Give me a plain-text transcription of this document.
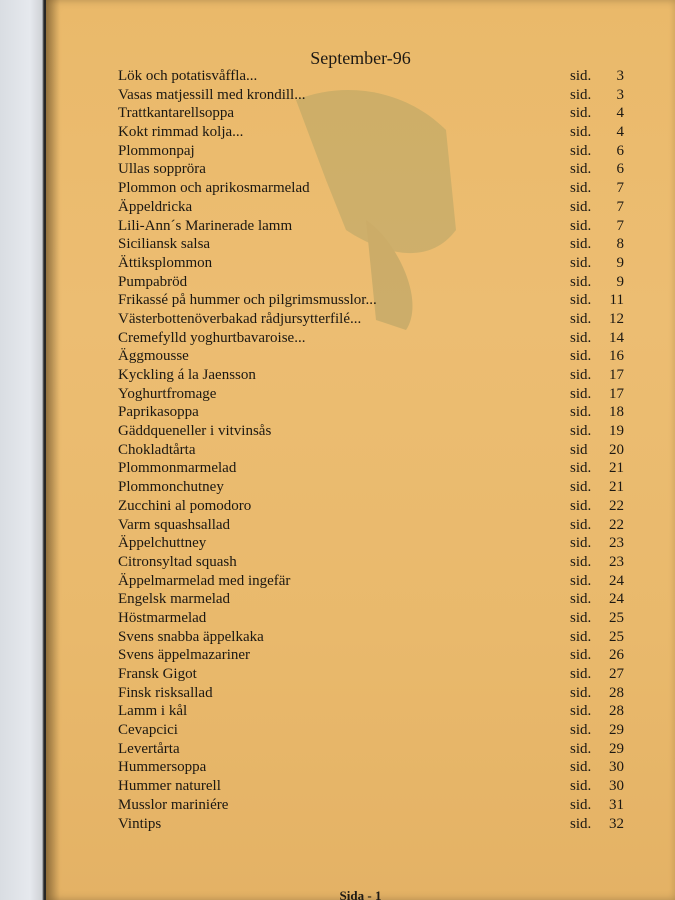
September-96
Lök och potatisvåffla...	sid.	3
Vasas matjessill med krondill...	sid.	3
Trattkantarellsoppa	sid.	4
Kokt rimmad kolja...	sid.	4
Plommonpaj	sid.	6
Ullas soppröra	sid.	6
Plommon och aprikosmarmelad	sid.	7
Äppeldricka	sid.	7
Lili-Ann´s Marinerade lamm	sid.	7
Siciliansk salsa	sid.	8
Ättiksplommon	sid.	9
Pumpabröd	sid.	9
Frikassé på hummer och pilgrimsmusslor...	sid.	11
Västerbottenöverbakad rådjursytterfilé...	sid.	12
Cremefylld yoghurtbavaroise...	sid.	14
Äggmousse	sid.	16
Kyckling á la Jaensson	sid.	17
Yoghurtfromage	sid.	17
Paprikasoppa	sid.	18
Gäddqueneller i vitvinsås	sid.	19
Chokladtårta	sid	20
Plommonmarmelad	sid.	21
Plommonchutney	sid.	21
Zucchini al pomodoro	sid.	22
Varm squashsallad	sid.	22
Äppelchuttney	sid.	23
Citronsyltad squash	sid.	23
Äppelmarmelad med ingefär	sid.	24
Engelsk marmelad	sid.	24
Höstmarmelad	sid.	25
Svens snabba äppelkaka	sid.	25
Svens äppelmazariner	sid.	26
Fransk Gigot	sid.	27
Finsk risksallad	sid.	28
Lamm i kål	sid.	28
Cevapcici	sid.	29
Levertårta	sid.	29
Hummersoppa	sid.	30
Hummer naturell	sid.	30
Musslor mariniére	sid.	31
Vintips	sid.	32
Sida - 1
